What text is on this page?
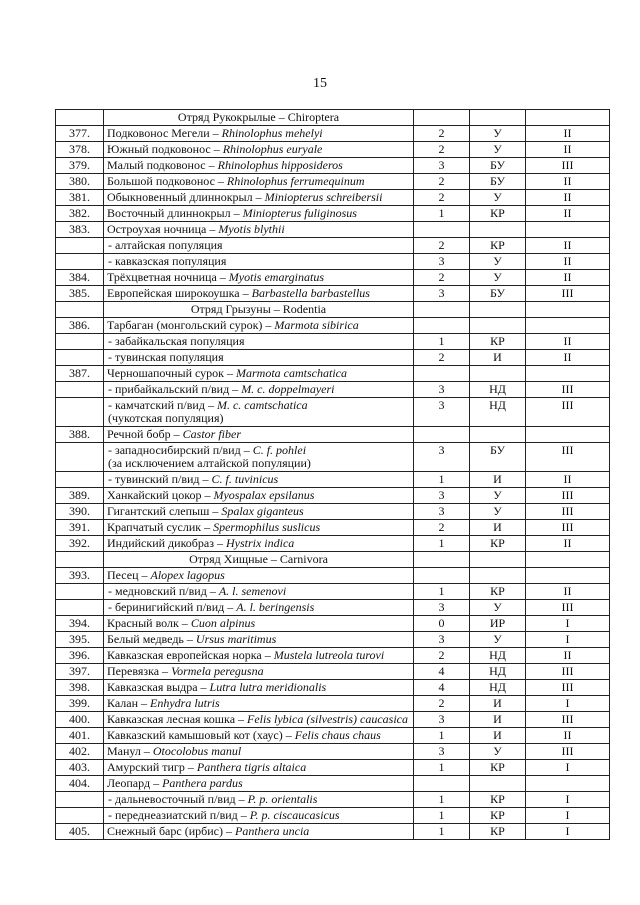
15
	Отряд Рукокрылые – Chiroptera			
377.	Подковонос Мегели – Rhinolophus mehelyi	2	У	II
378.	Южный подковонос – Rhinolophus euryale	2	У	II
379.	Малый подковонос – Rhinolophus hipposideros	3	БУ	III
380.	Большой подковонос – Rhinolophus ferrumequinum	2	БУ	II
381.	Обыкновенный длиннокрыл – Miniopterus schreibersii	2	У	II
382.	Восточный длиннокрыл – Miniopterus fuliginosus	1	КР	II
383.	Остроухая ночница – Myotis blythii			
	- алтайская популяция	2	КР	II
	- кавказская популяция	3	У	II
384.	Трёхцветная ночница – Myotis emarginatus	2	У	II
385.	Европейская широкоушка – Barbastella barbastellus	3	БУ	III
	Отряд Грызуны – Rodentia			
386.	Тарбаган (монгольский сурок) – Marmota sibirica			
	- забайкальская популяция	1	КР	II
	- тувинская популяция	2	И	II
387.	Черношапочный сурок – Marmota camtschatica			
	- прибайкальский п/вид – M. c. doppelmayeri	3	НД	III
	- камчатский п/вид – M. c. camtschatica
(чукотская популяция)	3	НД	III
388.	Речной бобр – Castor fiber			
	- западносибирский п/вид – C. f. pohlei
(за исключением алтайской популяции)	3	БУ	III
	- тувинский п/вид – C. f. tuvinicus	1	И	II
389.	Ханкайский цокор – Myospalax epsilanus	3	У	III
390.	Гигантский слепыш – Spalax giganteus	3	У	III
391.	Крапчатый суслик – Spermophilus suslicus	2	И	III
392.	Индийский дикобраз – Hystrix indica	1	КР	II
	Отряд Хищные – Carnivora			
393.	Песец – Alopex lagopus			
	- медновский п/вид – A. l. semenovi	1	КР	II
	- беринигийский п/вид – A. l. beringensis	3	У	III
394.	Красный волк – Cuon alpinus	0	ИР	I
395.	Белый медведь – Ursus maritimus	3	У	I
396.	Кавказская европейская норка – Mustela lutreola turovi	2	НД	II
397.	Перевязка – Vormela peregusna	4	НД	III
398.	Кавказская выдра – Lutra lutra meridionalis	4	НД	III
399.	Калан – Enhydra lutris	2	И	I
400.	Кавказская лесная кошка – Felis lybica (silvestris) caucasica	3	И	III
401.	Кавказский камышовый кот (хаус) – Felis chaus chaus	1	И	II
402.	Манул – Otocolobus manul	3	У	III
403.	Амурский тигр – Panthera tigris altaica	1	КР	I
404.	Леопард – Panthera pardus			
	- дальневосточный п/вид – P. p. orientalis	1	КР	I
	- переднеазиатский п/вид – P. p. ciscaucasicus	1	КР	I
405.	Снежный барс (ирбис) – Panthera uncia	1	КР	I
